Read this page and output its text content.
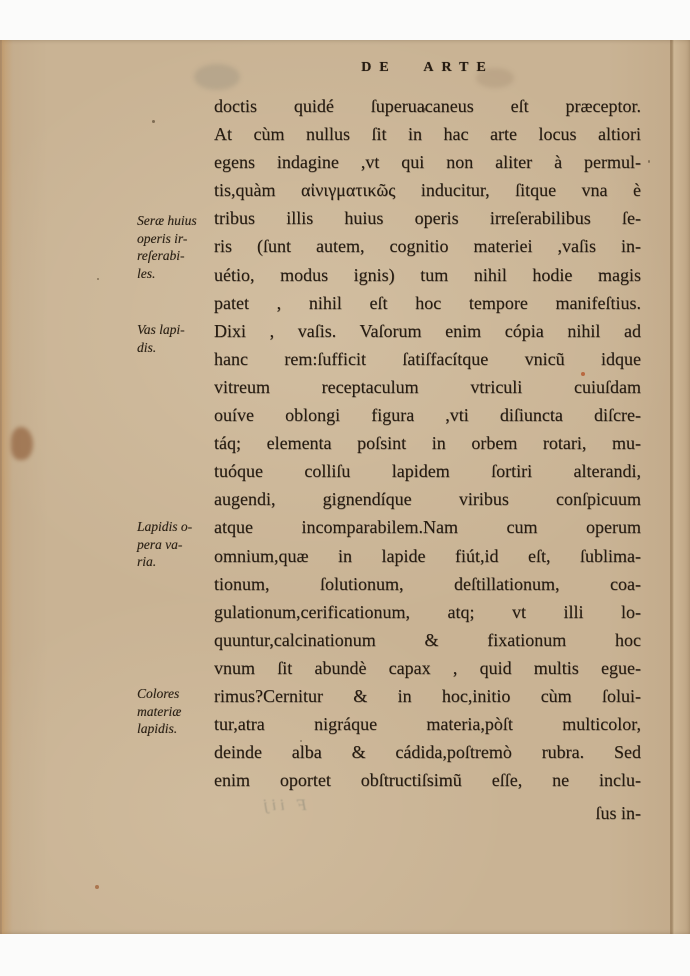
DE ARTE
Seræ huius
operis ir-
reſerabi-
les.
Vas lapi-
dis.
Lapidis o-
pera va-
ria.
Colores
materiæ
lapidis.
doctis quidé ſuperuacaneus eſt præceptor.
At cùm nullus ſit in hac arte locus altiori
egens indagine ,vt qui non aliter à permul-
tis,quàm αἰνιγματικῶς inducitur, ſitque vna è
tribus illis huius operis irreſerabilibus ſe-
ris (ſunt autem, cognitio materiei ,vaſis in-
uétio, modus ignis) tum nihil hodie magis
patet , nihil eſt hoc tempore manifeſtius.
Dixi , vaſis. Vaſorum enim cópia nihil ad
hanc rem:ſufficit ſatiſfacítque vnicũ idque
vitreum receptaculum vtriculi cuiuſdam
ouíve oblongi figura ,vti diſiuncta diſcre-
táq; elementa poſsint in orbem rotari, mu-
tuóque colliſu lapidem ſortiri alterandi,
augendi, gignendíque viribus conſpicuum
atque incomparabilem.Nam cum operum
omnium,quæ in lapide fiút,id eſt, ſublima-
tionum, ſolutionum, deſtillationum, coa-
gulationum,cerificationum, atq; vt illi lo-
quuntur,calcinationum & fixationum hoc
vnum ſit abundè capax , quid multis egue-
rimus?Cernitur & in hoc,initio cùm ſolui-
tur,atra nigráque materia,pòſt multicolor,
deinde alba & cádida,poſtremò rubra. Sed
enim oportet obſtructiſsimũ eſſe, ne inclu-
ſus in-
F iij
